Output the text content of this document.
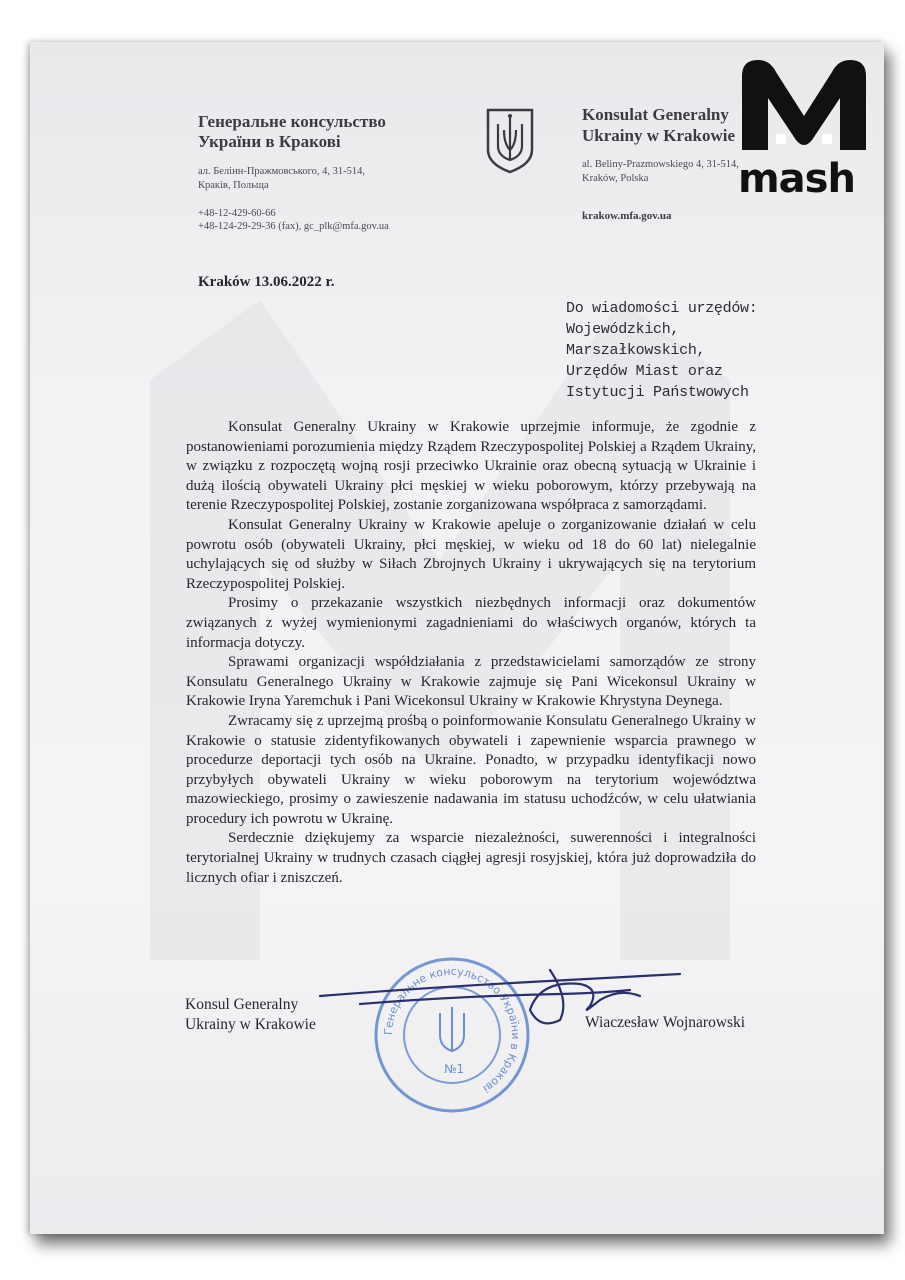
Генеральне консульство
України в Кракові
ал. Белінн-Пражмовського, 4, 31-514,
Краків, Польща
+48-12-429-60-66
+48-124-29-29-36 (fax), gc_plk@mfa.gov.ua
Konsulat Generalny
Ukrainy w Krakowie
al. Beliny-Prazmowskiego 4, 31-514,
Kraków, Polska
krakow.mfa.gov.ua
mash
Kraków 13.06.2022 r.
Do wiadomości urzędów:
Wojewódzkich,
Marszałkowskich,
Urzędów Miast oraz
Istytucji Państwowych

Konsulat Generalny Ukrainy w Krakowie uprzejmie informuje, że zgodnie z postanowieniami porozumienia między Rządem Rzeczypospolitej Polskiej a Rządem Ukrainy, w związku z rozpoczętą wojną rosji przeciwko Ukrainie oraz obecną sytuacją w Ukrainie i dużą ilością obywateli Ukrainy płci męskiej w wieku poborowym, którzy przebywają na terenie Rzeczypospolitej Polskiej, zostanie zorganizowana współpraca z samorządami.

Konsulat Generalny Ukrainy w Krakowie apeluje o zorganizowanie działań w celu powrotu osób (obywateli Ukrainy, płci męskiej, w wieku od 18 do 60 lat) nielegalnie uchylających się od służby w Siłach Zbrojnych Ukrainy i ukrywających się na terytorium Rzeczypospolitej Polskiej.

Prosimy o przekazanie wszystkich niezbędnych informacji oraz dokumentów związanych z wyżej wymienionymi zagadnieniami do właściwych organów, których ta informacja dotyczy.

Sprawami organizacji współdziałania z przedstawicielami samorządów ze strony Konsulatu Generalnego Ukrainy w Krakowie zajmuje się Pani Wicekonsul Ukrainy w Krakowie Iryna Yaremchuk i Pani Wicekonsul Ukrainy w Krakowie Khrystyna Deynega.

Zwracamy się z uprzejmą prośbą o poinformowanie Konsulatu Generalnego Ukrainy w Krakowie o statusie zidentyfikowanych obywateli i zapewnienie wsparcia prawnego w procedurze deportacji tych osób na Ukraine. Ponadto, w przypadku identyfikacji nowo przybyłych obywateli Ukrainy w wieku poborowym na terytorium województwa mazowieckiego, prosimy o zawieszenie nadawania im statusu uchodźców, w celu ułatwiania procedury ich powrotu w Ukrainę.

Serdecznie dziękujemy za wsparcie niezależności, suwerenności i integralności terytorialnej Ukrainy w trudnych czasach ciągłej agresji rosyjskiej, która już doprowadziła do licznych ofiar i zniszczeń.

Генеральне консульство України в Кракові
№1
Konsul Generalny
Ukrainy w Krakowie	Wiaczesław Wojnarowski
